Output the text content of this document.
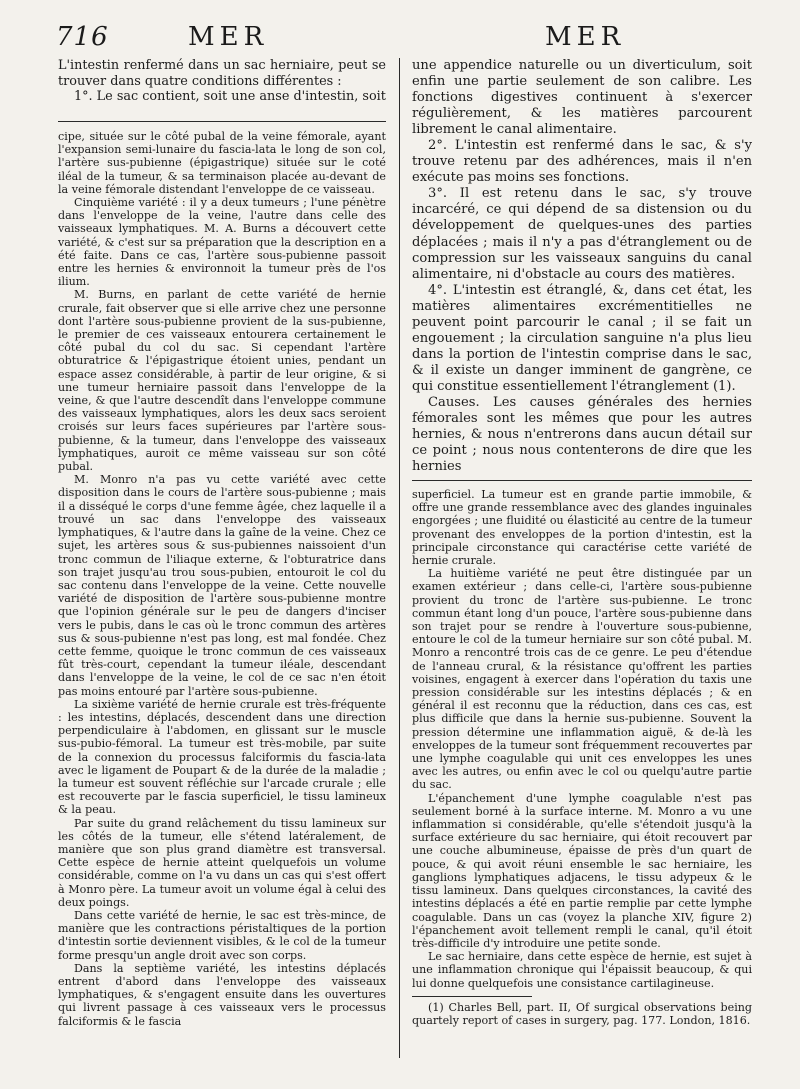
716	MER	MER

L'intestin renfermé dans un sac herniaire, peut se trouver dans quatre conditions différentes :

1°. Le sac contient, soit une anse d'intestin, soit

cipe, située sur le côté pubal de la veine fémorale, ayant l'expansion semi-lunaire du fascia-lata le long de son col, l'artère sus-pubienne (épigastrique) située sur le coté iléal de la tumeur, & sa terminaison placée au-devant de la veine fémorale distendant l'enveloppe de ce vaisseau.

Cinquième variété : il y a deux tumeurs ; l'une pénètre dans l'enveloppe de la veine, l'autre dans celle des vaisseaux lymphatiques. M. A. Burns a découvert cette variété, & c'est sur sa préparation que la description en a été faite. Dans ce cas, l'artère sous-pubienne passoit entre les hernies & environnoit la tumeur près de l'os ilium.

M. Burns, en parlant de cette variété de hernie crurale, fait observer que si elle arrive chez une personne dont l'artère sous-pubienne provient de la sus-pubienne, le premier de ces vaisseaux entourera certainement le côté pubal du col du sac. Si cependant l'artère obturatrice & l'épigastrique étoient unies, pendant un espace assez considérable, à partir de leur origine, & si une tumeur herniaire passoit dans l'enveloppe de la veine, & que l'autre descendît dans l'enveloppe commune des vaisseaux lymphatiques, alors les deux sacs seroient croisés sur leurs faces supérieures par l'artère sous-pubienne, & la tumeur, dans l'enveloppe des vaisseaux lymphatiques, auroit ce même vaisseau sur son côté pubal.

M. Monro n'a pas vu cette variété avec cette disposition dans le cours de l'artère sous-pubienne ; mais il a disséqué le corps d'une femme âgée, chez laquelle il a trouvé un sac dans l'enveloppe des vaisseaux lymphatiques, & l'autre dans la gaîne de la veine. Chez ce sujet, les artères sous & sus-pubiennes naissoient d'un tronc commun de l'iliaque externe, & l'obturatrice dans son trajet jusqu'au trou sous-pubien, entouroit le col du sac contenu dans l'enveloppe de la veine. Cette nouvelle variété de disposition de l'artère sous-pubienne montre que l'opinion générale sur le peu de dangers d'inciser vers le pubis, dans le cas où le tronc commun des artères sus & sous-pubienne n'est pas long, est mal fondée. Chez cette femme, quoique le tronc commun de ces vaisseaux fût très-court, cependant la tumeur iléale, descendant dans l'enveloppe de la veine, le col de ce sac n'en étoit pas moins entouré par l'artère sous-pubienne.

La sixième variété de hernie crurale est très-fréquente : les intestins, déplacés, descendent dans une direction perpendiculaire à l'abdomen, en glissant sur le muscle sus-pubio-fémoral. La tumeur est très-mobile, par suite de la connexion du processus falciformis du fascia-lata avec le ligament de Poupart & de la durée de la maladie ; la tumeur est souvent réfléchie sur l'arcade crurale ; elle est recouverte par le fascia superficiel, le tissu lamineux & la peau.

Par suite du grand relâchement du tissu lamineux sur les côtés de la tumeur, elle s'étend latéralement, de manière que son plus grand diamètre est transversal. Cette espèce de hernie atteint quelquefois un volume considérable, comme on l'a vu dans un cas qui s'est offert à Monro père. La tumeur avoit un volume égal à celui des deux poings.

Dans cette variété de hernie, le sac est très-mince, de manière que les contractions péristaltiques de la portion d'intestin sortie deviennent visibles, & le col de la tumeur forme presqu'un angle droit avec son corps.

Dans la septième variété, les intestins déplacés entrent d'abord dans l'enveloppe des vaisseaux lymphatiques, & s'engagent ensuite dans les ouvertures qui livrent passage à ces vaisseaux vers le processus falciformis & le fascia

une appendice naturelle ou un diverticulum, soit enfin une partie seulement de son calibre. Les fonctions digestives continuent à s'exercer régulièrement, & les matières parcourent librement le canal alimentaire.

2°. L'intestin est renfermé dans le sac, & s'y trouve retenu par des adhérences, mais il n'en exécute pas moins ses fonctions.

3°. Il est retenu dans le sac, s'y trouve incarcéré, ce qui dépend de sa distension ou du développement de quelques-unes des parties déplacées ; mais il n'y a pas d'étranglement ou de compression sur les vaisseaux sanguins du canal alimentaire, ni d'obstacle au cours des matières.

4°. L'intestin est étranglé, &, dans cet état, les matières alimentaires excrémentitielles ne peuvent point parcourir le canal ; il se fait un engouement ; la circulation sanguine n'a plus lieu dans la portion de l'intestin comprise dans le sac, & il existe un danger imminent de gangrène, ce qui constitue essentiellement l'étranglement (1).

Causes. Les causes générales des hernies fémorales sont les mêmes que pour les autres hernies, & nous n'entrerons dans aucun détail sur ce point ; nous nous contenterons de dire que les hernies

superficiel. La tumeur est en grande partie immobile, & offre une grande ressemblance avec des glandes inguinales engorgées ; une fluidité ou élasticité au centre de la tumeur provenant des enveloppes de la portion d'intestin, est la principale circonstance qui caractérise cette variété de hernie crurale.

La huitième variété ne peut être distinguée par un examen extérieur ; dans celle-ci, l'artère sous-pubienne provient du tronc de l'artère sus-pubienne. Le tronc commun étant long d'un pouce, l'artère sous-pubienne dans son trajet pour se rendre à l'ouverture sous-pubienne, entoure le col de la tumeur herniaire sur son côté pubal. M. Monro a rencontré trois cas de ce genre. Le peu d'étendue de l'anneau crural, & la résistance qu'offrent les parties voisines, engagent à exercer dans l'opération du taxis une pression considérable sur les intestins déplacés ; & en général il est reconnu que la réduction, dans ces cas, est plus difficile que dans la hernie sus-pubienne. Souvent la pression détermine une inflammation aiguë, & de-là les enveloppes de la tumeur sont fréquemment recouvertes par une lymphe coagulable qui unit ces enveloppes les unes avec les autres, ou enfin avec le col ou quelqu'autre partie du sac.

L'épanchement d'une lymphe coagulable n'est pas seulement borné à la surface interne. M. Monro a vu une inflammation si considérable, qu'elle s'étendoit jusqu'à la surface extérieure du sac herniaire, qui étoit recouvert par une couche albumineuse, épaisse de près d'un quart de pouce, & qui avoit réuni ensemble le sac herniaire, les ganglions lymphatiques adjacens, le tissu adypeux & le tissu lamineux. Dans quelques circonstances, la cavité des intestins déplacés a été en partie remplie par cette lymphe coagulable. Dans un cas (voyez la planche XIV, figure 2) l'épanchement avoit tellement rempli le canal, qu'il étoit très-difficile d'y introduire une petite sonde.

Le sac herniaire, dans cette espèce de hernie, est sujet à une inflammation chronique qui l'épaissit beaucoup, & qui lui donne quelquefois une consistance cartilagineuse.

(1) Charles Bell, part. II, Of surgical observations being quartely report of cases in surgery, pag. 177. London, 1816.
